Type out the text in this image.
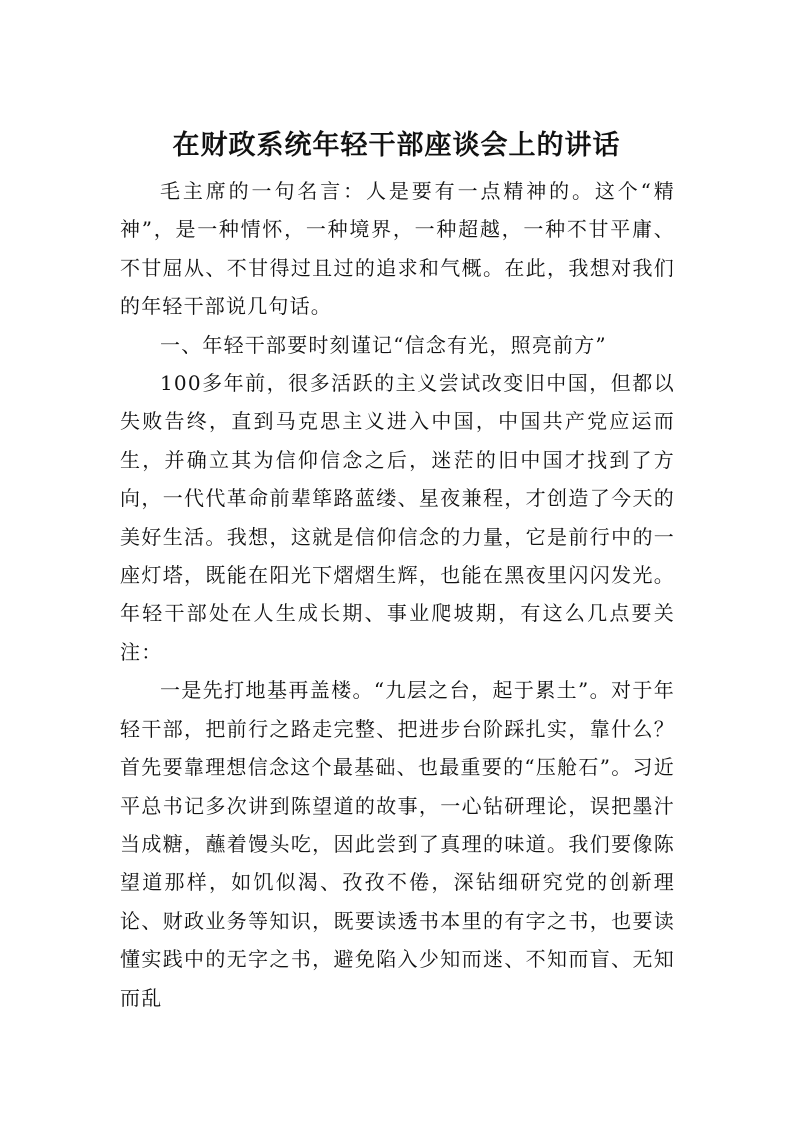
在财政系统年轻干部座谈会上的讲话

毛主席的一句名言：人是要有一点精神的。这个“精神”，是一种情怀，一种境界，一种超越，一种不甘平庸、不甘屈从、不甘得过且过的追求和气概。在此，我想对我们的年轻干部说几句话。

一、年轻干部要时刻谨记“信念有光，照亮前方”

100多年前，很多活跃的主义尝试改变旧中国，但都以失败告终，直到马克思主义进入中国，中国共产党应运而生，并确立其为信仰信念之后，迷茫的旧中国才找到了方向，一代代革命前辈筚路蓝缕、星夜兼程，才创造了今天的美好生活。我想，这就是信仰信念的力量，它是前行中的一座灯塔，既能在阳光下熠熠生辉，也能在黑夜里闪闪发光。年轻干部处在人生成长期、事业爬坡期，有这么几点要关注：

一是先打地基再盖楼。“九层之台，起于累土”。对于年轻干部，把前行之路走完整、把进步台阶踩扎实，靠什么？首先要靠理想信念这个最基础、也最重要的“压舱石”。习近平总书记多次讲到陈望道的故事，一心钻研理论，误把墨汁当成糖，蘸着馒头吃，因此尝到了真理的味道。我们要像陈望道那样，如饥似渴、孜孜不倦，深钻细研究党的创新理论、财政业务等知识，既要读透书本里的有字之书，也要读懂实践中的无字之书，避免陷入少知而迷、不知而盲、无知而乱
